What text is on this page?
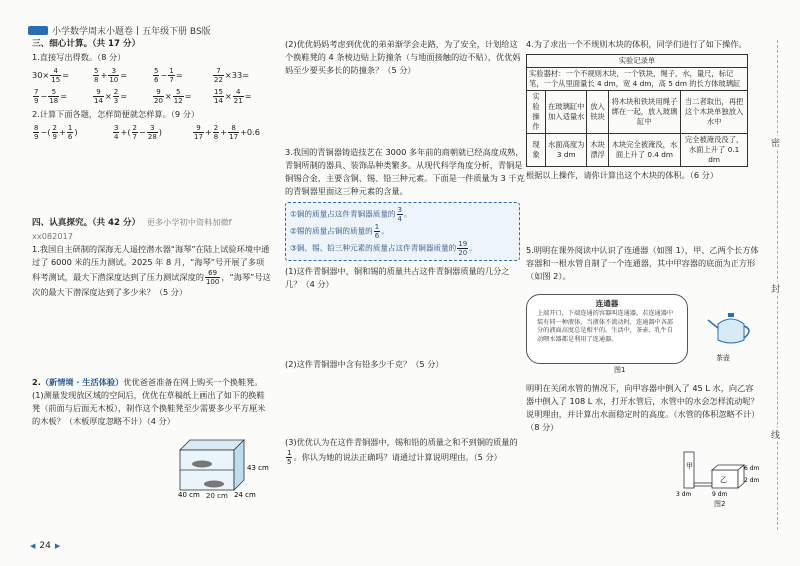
小学数学周末小题卷 | 五年级下册 BS版
三、细心计算。（共 17 分）
1.直接写出得数。（8 分）
$30\times \frac{4}{15}$ =	$\frac{5}{8} + \frac{3}{10}$ =	$\frac{5}{6} - \frac{1}{7}$ =	$\frac{7}{22} \times 33=$
$\frac{7}{9} - \frac{5}{18}$ =	$\frac{9}{14} \times \frac{2}{3}$ =	$\frac{9}{20} \times \frac{5}{12}$ =	$\frac{15}{14} \times \frac{4}{21}$ =
2.计算下面各题，怎样简便就怎样算。（9 分）
$\frac{8}{9}$ −( $\frac{2}{9} + \frac{1}{6}$ )	$\frac{3}{4}$ +( $\frac{2}{7} - \frac{3}{28}$ )	$\frac{9}{17} + \frac{2}{8} + \frac{8}{17} +0.6$
四、认真探究。（共 42 分） 更多小学初中资料加微f xx082017
1.我国自主研制的深海无人遥控潜水器“海琴”在陆上试验环境中通过了 6000 米的压力测试。2025 年 8 月，“海琴”号开展了多项科考测试，最大下潜深度达到了压力测试深度的 $\frac{69}{100}$ ，“海琴”号这次的最大下潜深度达到了多少米？（5 分）
2.（新情境 · 生活体验）优优爸爸准备在网上购买一个换鞋凳。
(1)测量发现放区域的空间后，优优在草稿纸上画出了如下的换鞋凳（前面与后面无木板），制作这个换鞋凳至少需要多少平方厘米的木板？（木板厚度忽略不计）（4 分）
43 cm
40 cm	24 cm
20 cm
(2)优优妈妈考虑到优优的弟弟渐学会走路，为了安全，计划给这个换鞋凳的 4 条棱边贴上防撞条（与地面接触的边不贴），优优妈妈至少要买多长的防撞条？（5 分）
3.我国的青铜器铸造技艺在 3000 多年前的商朝就已经高度成熟，青铜所制的器具、装饰品种类繁多。从现代科学角度分析，青铜是铜锡合金，主要含铜、锡、铅三种元素。下面是一件质量为 3 千克的青铜器里面这三种元素的含量。
①铜的质量占这件青铜器质量的 $\frac{3}{4}$ 。
②锡的质量占铜的质量的 $\frac{1}{6}$ 。
③铜、锡、铅三种元素的质量占这件青铜器质量的 $\frac{19}{20}$ 。
(1)这件青铜器中，铜和锡的质量共占这件青铜器质量的几分之几？（4 分）
(2)这件青铜器中含有铅多少千克？（5 分）
(3)优优认为在这件青铜器中，锡和铅的质量之和不到铜的质量的
$\frac{1}{5}$ 。你认为她的说法正确吗？请通过计算说明理由。（5 分）
4.为了求出一个不规则木块的体积，同学们进行了如下操作。
实验记录单				
实验器材：一个不规则木块，一个铁块，绳子，水，量尺，标记笔，一个从里面量长 4 dm，宽 4 dm，高 5 dm 的长方体玻璃缸				
实验操作	在玻璃缸中加入适量水	放入铁块	将木块和铁块用绳子绑在一起，放入玻璃缸中	当二者取出，再把这个木块单独放入水中
现象	水面高度为 3 dm	木块漂浮	木块完全被淹没，水面上升了 0.4 dm	完全被淹没没了，水面上升了 0.1 dm
根据以上操作，请你计算出这个木块的体积。（6 分）
5.明明在课外阅读中认识了连通器（如图 1），甲、乙两个长方体容器和一根水管自制了一个连通器，其中甲容器的底面为正方形（如图 2）。
连通器
上端开口，下端连通的容器叫连通器。若连通器中装有同一种液体，当液体不流动时，连通器中各部分的液面高度总是相平的。生活中，茶壶、乳牛自动喂水器都是利用了连通器。
茶壶
图1
明明在关闭水管的情况下，向甲容器中倒入了 45 L 水，向乙容器中倒入了 108 L 水，打开水管后，水管中的水会怎样流动呢？说明理由，并计算出水面稳定时的高度。（水管的体积忽略不计）（8 分）
甲
乙
3 dm	9 dm
6 dm
2 dm
图2
密
封
线
◀ 24 ▶
